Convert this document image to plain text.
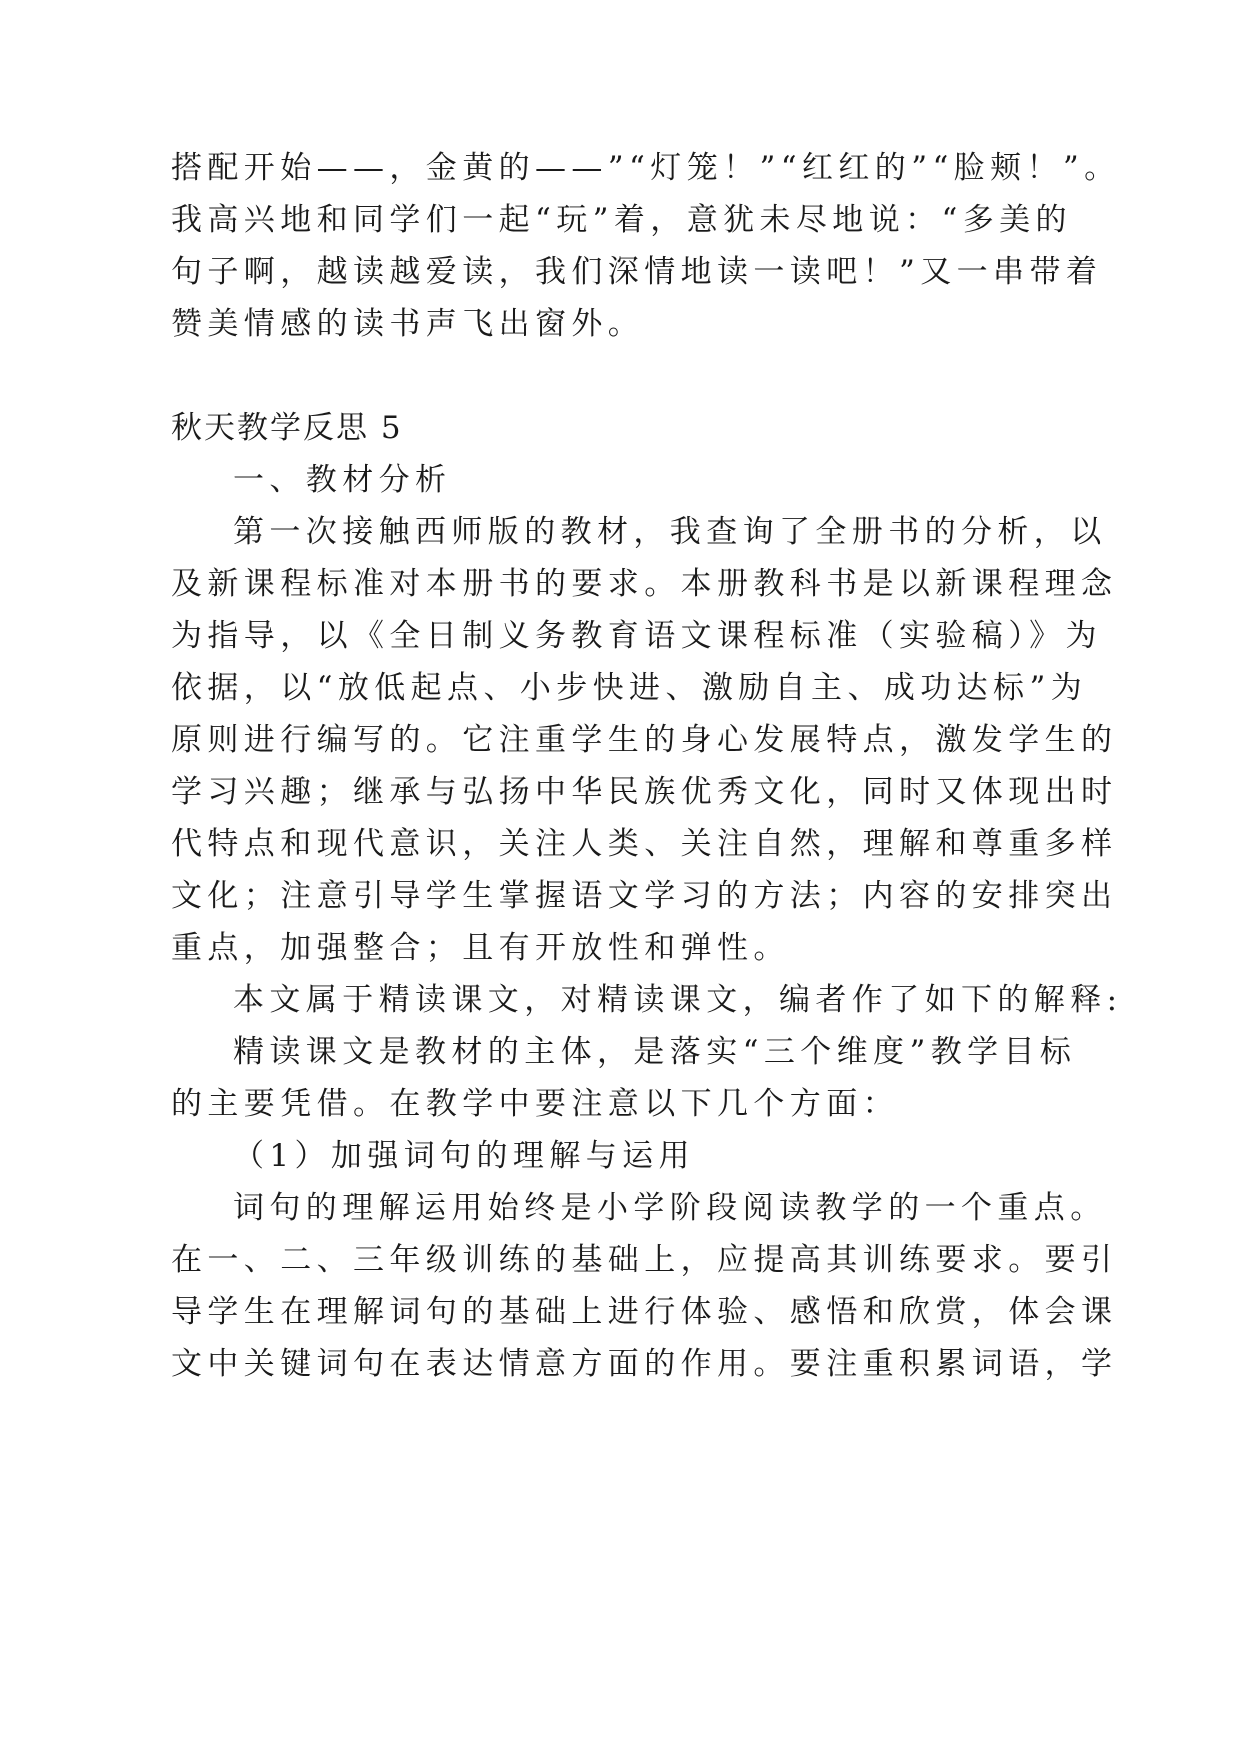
搭配开始——，金黄的——”“灯笼！”“红红的”“脸颊！”。
我高兴地和同学们一起“玩”着，意犹未尽地说：“多美的
句子啊，越读越爱读，我们深情地读一读吧！”又一串带着
赞美情感的读书声飞出窗外。
秋天教学反思 5
一、教材分析
第一次接触西师版的教材，我查询了全册书的分析，以
及新课程标准对本册书的要求。本册教科书是以新课程理念
为指导，以《全日制义务教育语文课程标准（实验稿）》为
依据，以“放低起点、小步快进、激励自主、成功达标”为
原则进行编写的。它注重学生的身心发展特点，激发学生的
学习兴趣；继承与弘扬中华民族优秀文化，同时又体现出时
代特点和现代意识，关注人类、关注自然，理解和尊重多样
文化；注意引导学生掌握语文学习的方法；内容的安排突出
重点，加强整合；且有开放性和弹性。
本文属于精读课文，对精读课文，编者作了如下的解释:
精读课文是教材的主体，是落实“三个维度”教学目标
的主要凭借。在教学中要注意以下几个方面：
（1）加强词句的理解与运用
词句的理解运用始终是小学阶段阅读教学的一个重点。
在一、二、三年级训练的基础上，应提高其训练要求。要引
导学生在理解词句的基础上进行体验、感悟和欣赏，体会课
文中关键词句在表达情意方面的作用。要注重积累词语，学
